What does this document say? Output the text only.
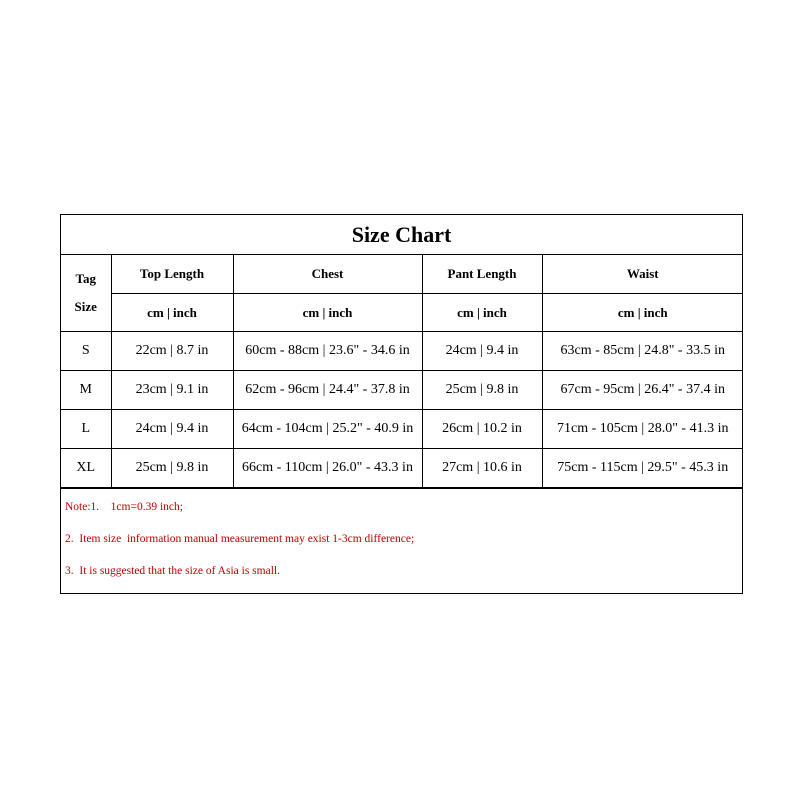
Size Chart
Tag
Size	Top Length	Chest	Pant Length	Waist
	cm | inch	cm | inch	cm | inch	cm | inch
S	22cm | 8.7 in	60cm - 88cm | 23.6" - 34.6 in	24cm | 9.4 in	63cm - 85cm | 24.8" - 33.5 in
M	23cm | 9.1 in	62cm - 96cm | 24.4" - 37.8 in	25cm | 9.8 in	67cm - 95cm | 26.4" - 37.4 in
L	24cm | 9.4 in	64cm - 104cm | 25.2" - 40.9 in	26cm | 10.2 in	71cm - 105cm | 28.0" - 41.3 in
XL	25cm | 9.8 in	66cm - 110cm | 26.0" - 43.3 in	27cm | 10.6 in	75cm - 115cm | 29.5" - 45.3 in
Note:1.    1cm=0.39 inch;
2.  Item size  information manual measurement may exist 1-3cm difference;
3.  It is suggested that the size of Asia is small.
